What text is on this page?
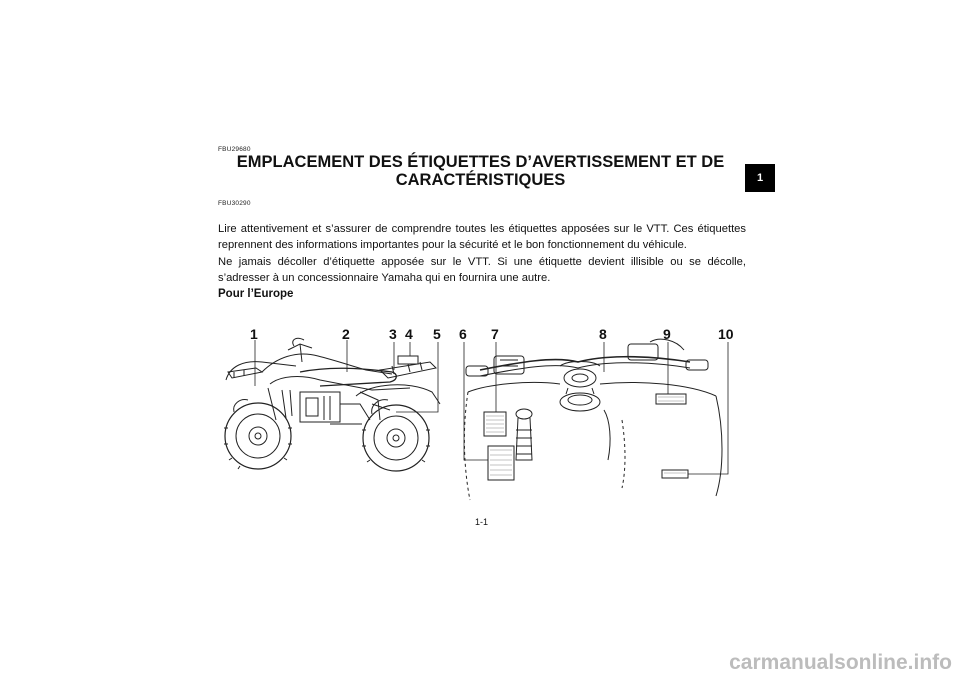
FBU29680
EMPLACEMENT DES ÉTIQUETTES D’AVERTISSEMENT ET DE
CARACTÉRISTIQUES
FBU30290

Lire attentivement et s’assurer de comprendre toutes les étiquettes apposées sur le VTT. Ces étiquettes reprennent des informations importantes pour la sécurité et le bon fonctionnement du véhicule.

Ne jamais décoller d’étiquette apposée sur le VTT. Si une étiquette devient illisible ou se décolle, s’adresser à un concessionnaire Yamaha qui en fournira une autre.

Pour l’Europe
1
1	2	3 4 5 6 7	8	9	10
1-1
carmanualsonline.info
